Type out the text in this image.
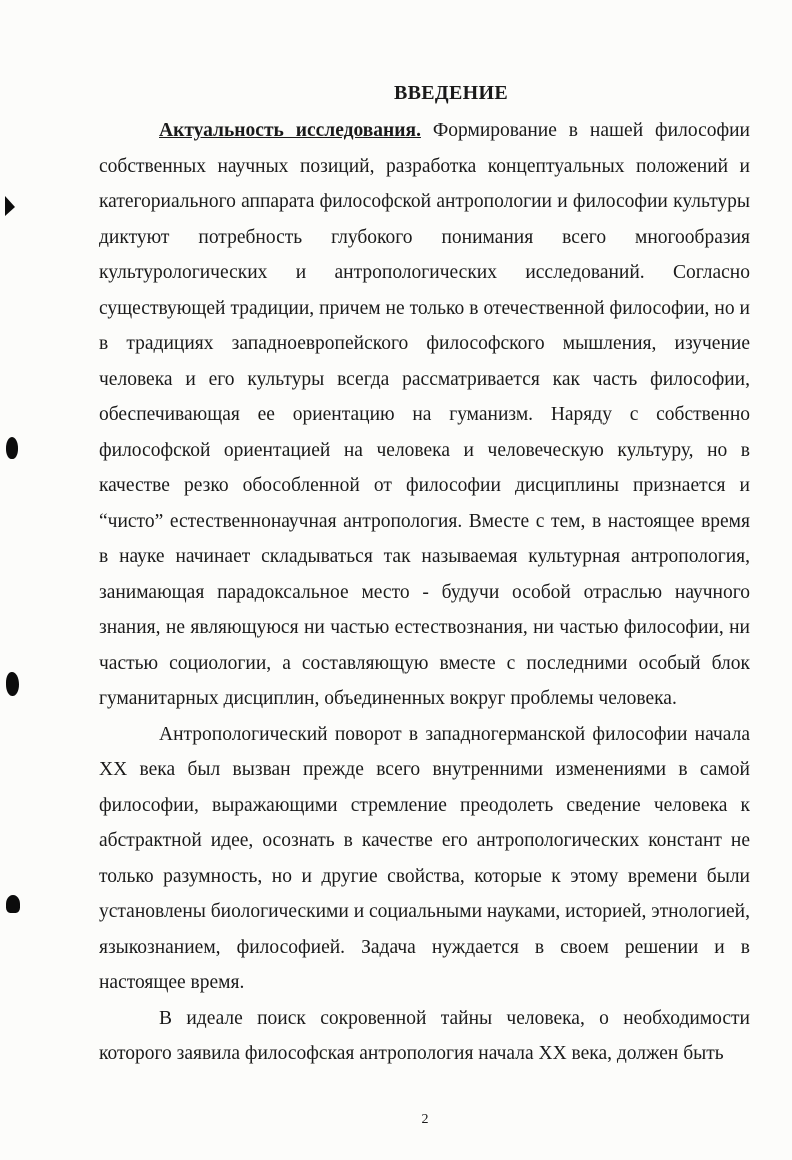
ВВЕДЕНИЕ

Актуальность исследования. Формирование в нашей философии собственных научных позиций, разработка концептуальных положений и категориального аппарата философской антропологии и философии культуры диктуют потребность глубокого понимания всего многообразия культурологических и антропологических исследований. Согласно существующей традиции, причем не только в отечественной философии, но и в традициях западноевропейского философского мышления, изучение человека и его культуры всегда рассматривается как часть философии, обеспечивающая ее ориентацию на гуманизм. Наряду с собственно философской ориентацией на человека и человеческую культуру, но в качестве резко обособленной от философии дисциплины признается и “чисто” естественнонаучная антропология. Вместе с тем, в настоящее время в науке начинает складываться так называемая культурная антропология, занимающая парадоксальное место - будучи особой отраслью научного знания, не являющуюся ни частью естествознания, ни частью философии, ни частью социологии, а составляющую вместе с последними особый блок гуманитарных дисциплин, объединенных вокруг проблемы человека.

Антропологический поворот в западногерманской философии начала XX века был вызван прежде всего внутренними изменениями в самой философии, выражающими стремление преодолеть сведение человека к абстрактной идее, осознать в качестве его антропологических констант не только разумность, но и другие свойства, которые к этому времени были установлены биологическими и социальными науками, историей, этнологией, языкознанием, философией. Задача нуждается в своем решении и в настоящее время.

В идеале поиск сокровенной тайны человека, о необходимости которого заявила философская антропология начала XX века, должен быть

2
